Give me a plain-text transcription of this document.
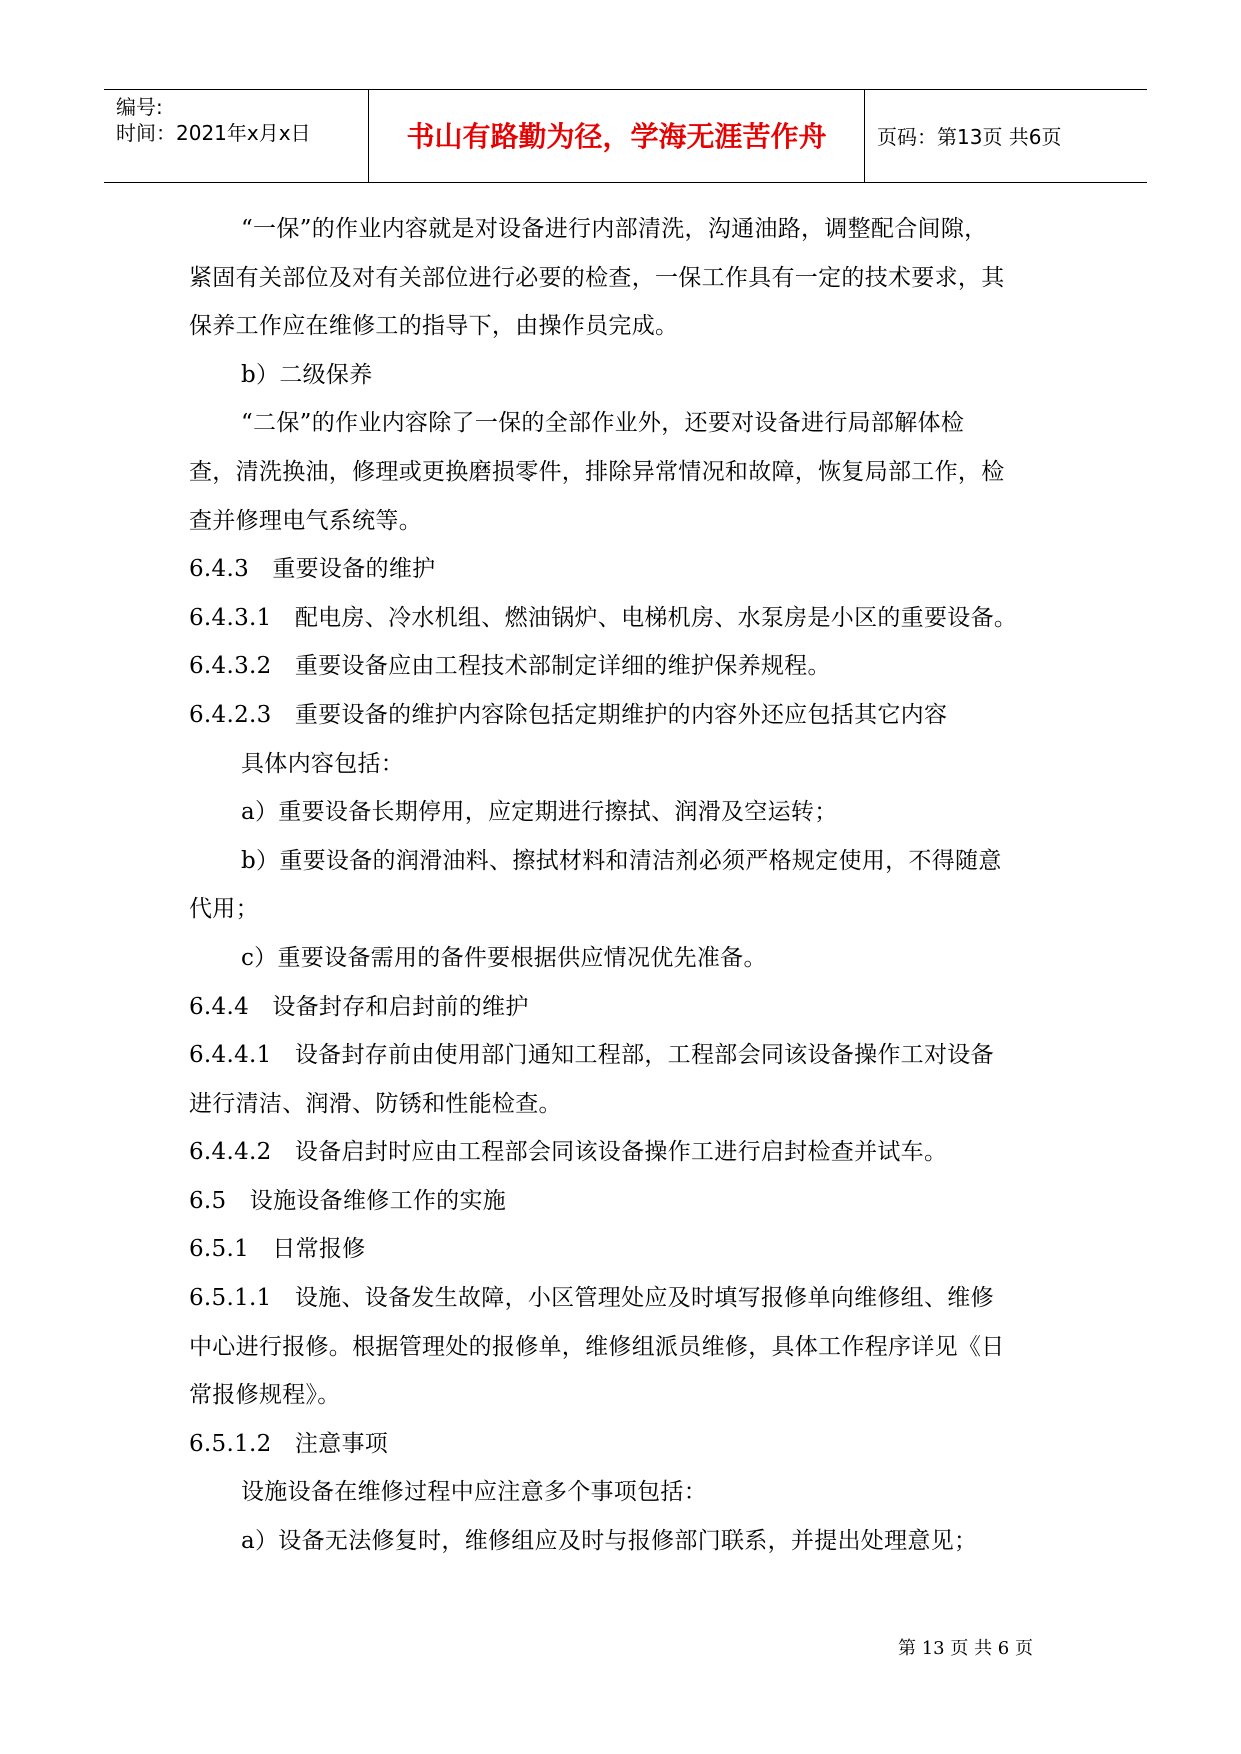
编号:
时间：2021年x月x日	书山有路勤为径，学海无涯苦作舟	页码：第13页 共6页
“一保”的作业内容就是对设备进行内部清洗，沟通油路，调整配合间隙，
紧固有关部位及对有关部位进行必要的检查，一保工作具有一定的技术要求，其
保养工作应在维修工的指导下，由操作员完成。
b）二级保养
“二保”的作业内容除了一保的全部作业外，还要对设备进行局部解体检
查，清洗换油，修理或更换磨损零件，排除异常情况和故障，恢复局部工作，检
查并修理电气系统等。
6.4.3　重要设备的维护
6.4.3.1　配电房、冷水机组、燃油锅炉、电梯机房、水泵房是小区的重要设备。
6.4.3.2　重要设备应由工程技术部制定详细的维护保养规程。
6.4.2.3　重要设备的维护内容除包括定期维护的内容外还应包括其它内容
具体内容包括：
a）重要设备长期停用，应定期进行擦拭、润滑及空运转；
b）重要设备的润滑油料、擦拭材料和清洁剂必须严格规定使用，不得随意
代用；
c）重要设备需用的备件要根据供应情况优先准备。
6.4.4　设备封存和启封前的维护
6.4.4.1　设备封存前由使用部门通知工程部，工程部会同该设备操作工对设备
进行清洁、润滑、防锈和性能检查。
6.4.4.2　设备启封时应由工程部会同该设备操作工进行启封检查并试车。
6.5　设施设备维修工作的实施
6.5.1　日常报修
6.5.1.1　设施、设备发生故障，小区管理处应及时填写报修单向维修组、维修
中心进行报修。根据管理处的报修单，维修组派员维修，具体工作程序详见《日
常报修规程》。
6.5.1.2　注意事项
设施设备在维修过程中应注意多个事项包括：
a）设备无法修复时，维修组应及时与报修部门联系，并提出处理意见；
第 13 页 共 6 页
